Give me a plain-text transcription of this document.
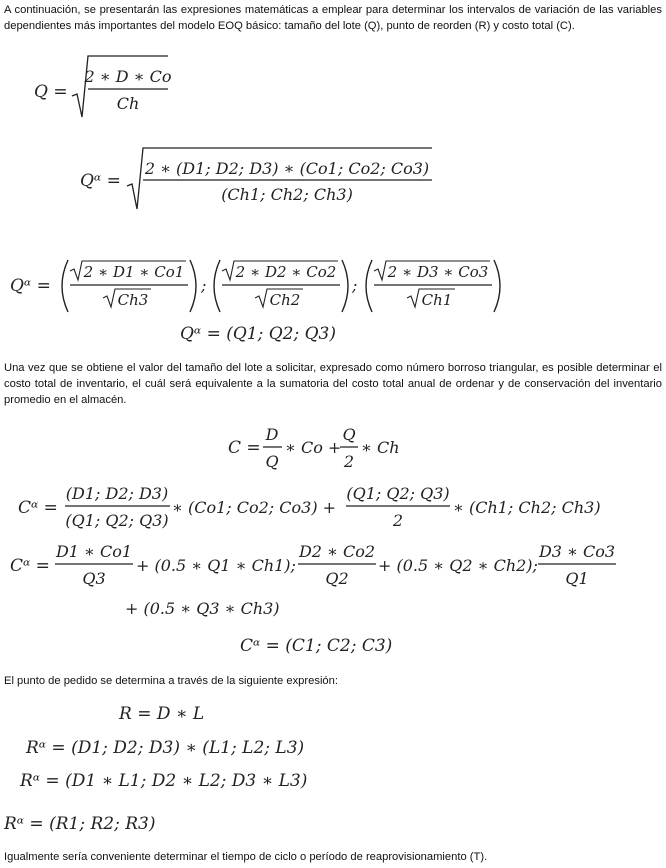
A continuación, se presentarán las expresiones matemáticas a emplear para determinar los intervalos de variación de las variables dependientes más importantes del modelo EOQ básico: tamaño del lote (Q), punto de reorden (R) y costo total (C).
Q =
2 ∗ D ∗ Co
Ch
Qᵅ =
2 ∗ (D1; D2; D3) ∗ (Co1; Co2; Co3)
(Ch1; Ch2; Ch3)
Qᵅ =
2 ∗ D1 ∗ Co1
Ch3
;
2 ∗ D2 ∗ Co2
Ch2
;
2 ∗ D3 ∗ Co3
Ch1
Qᵅ = (Q1; Q2; Q3)
C =
D
Q
∗ Co +
Q
2
∗ Ch
Cᵅ =
(D1; D2; D3)
(Q1; Q2; Q3)
∗ (Co1; Co2; Co3) +
(Q1; Q2; Q3)
2
∗ (Ch1; Ch2; Ch3)
Cᵅ =
D1 ∗ Co1
Q3
+ (0.5 ∗ Q1 ∗ Ch1);
D2 ∗ Co2
Q2
+ (0.5 ∗ Q2 ∗ Ch2);
D3 ∗ Co3
Q1
+ (0.5 ∗ Q3 ∗ Ch3)
Cᵅ = (C1; C2; C3)
R = D ∗ L
Rᵅ = (D1; D2; D3) ∗ (L1; L2; L3)
Rᵅ = (D1 ∗ L1; D2 ∗ L2; D3 ∗ L3)
Rᵅ = (R1; R2; R3)
Una vez que se obtiene el valor del tamaño del lote a solicitar, expresado como número borroso triangular, es posible determinar el costo total de inventario, el cuál será equivalente a la sumatoria del costo total anual de ordenar y de conservación del inventario promedio en el almacén.
El punto de pedido se determina a través de la siguiente expresión:
Igualmente sería conveniente determinar el tiempo de ciclo o período de reaprovisionamiento (T).
